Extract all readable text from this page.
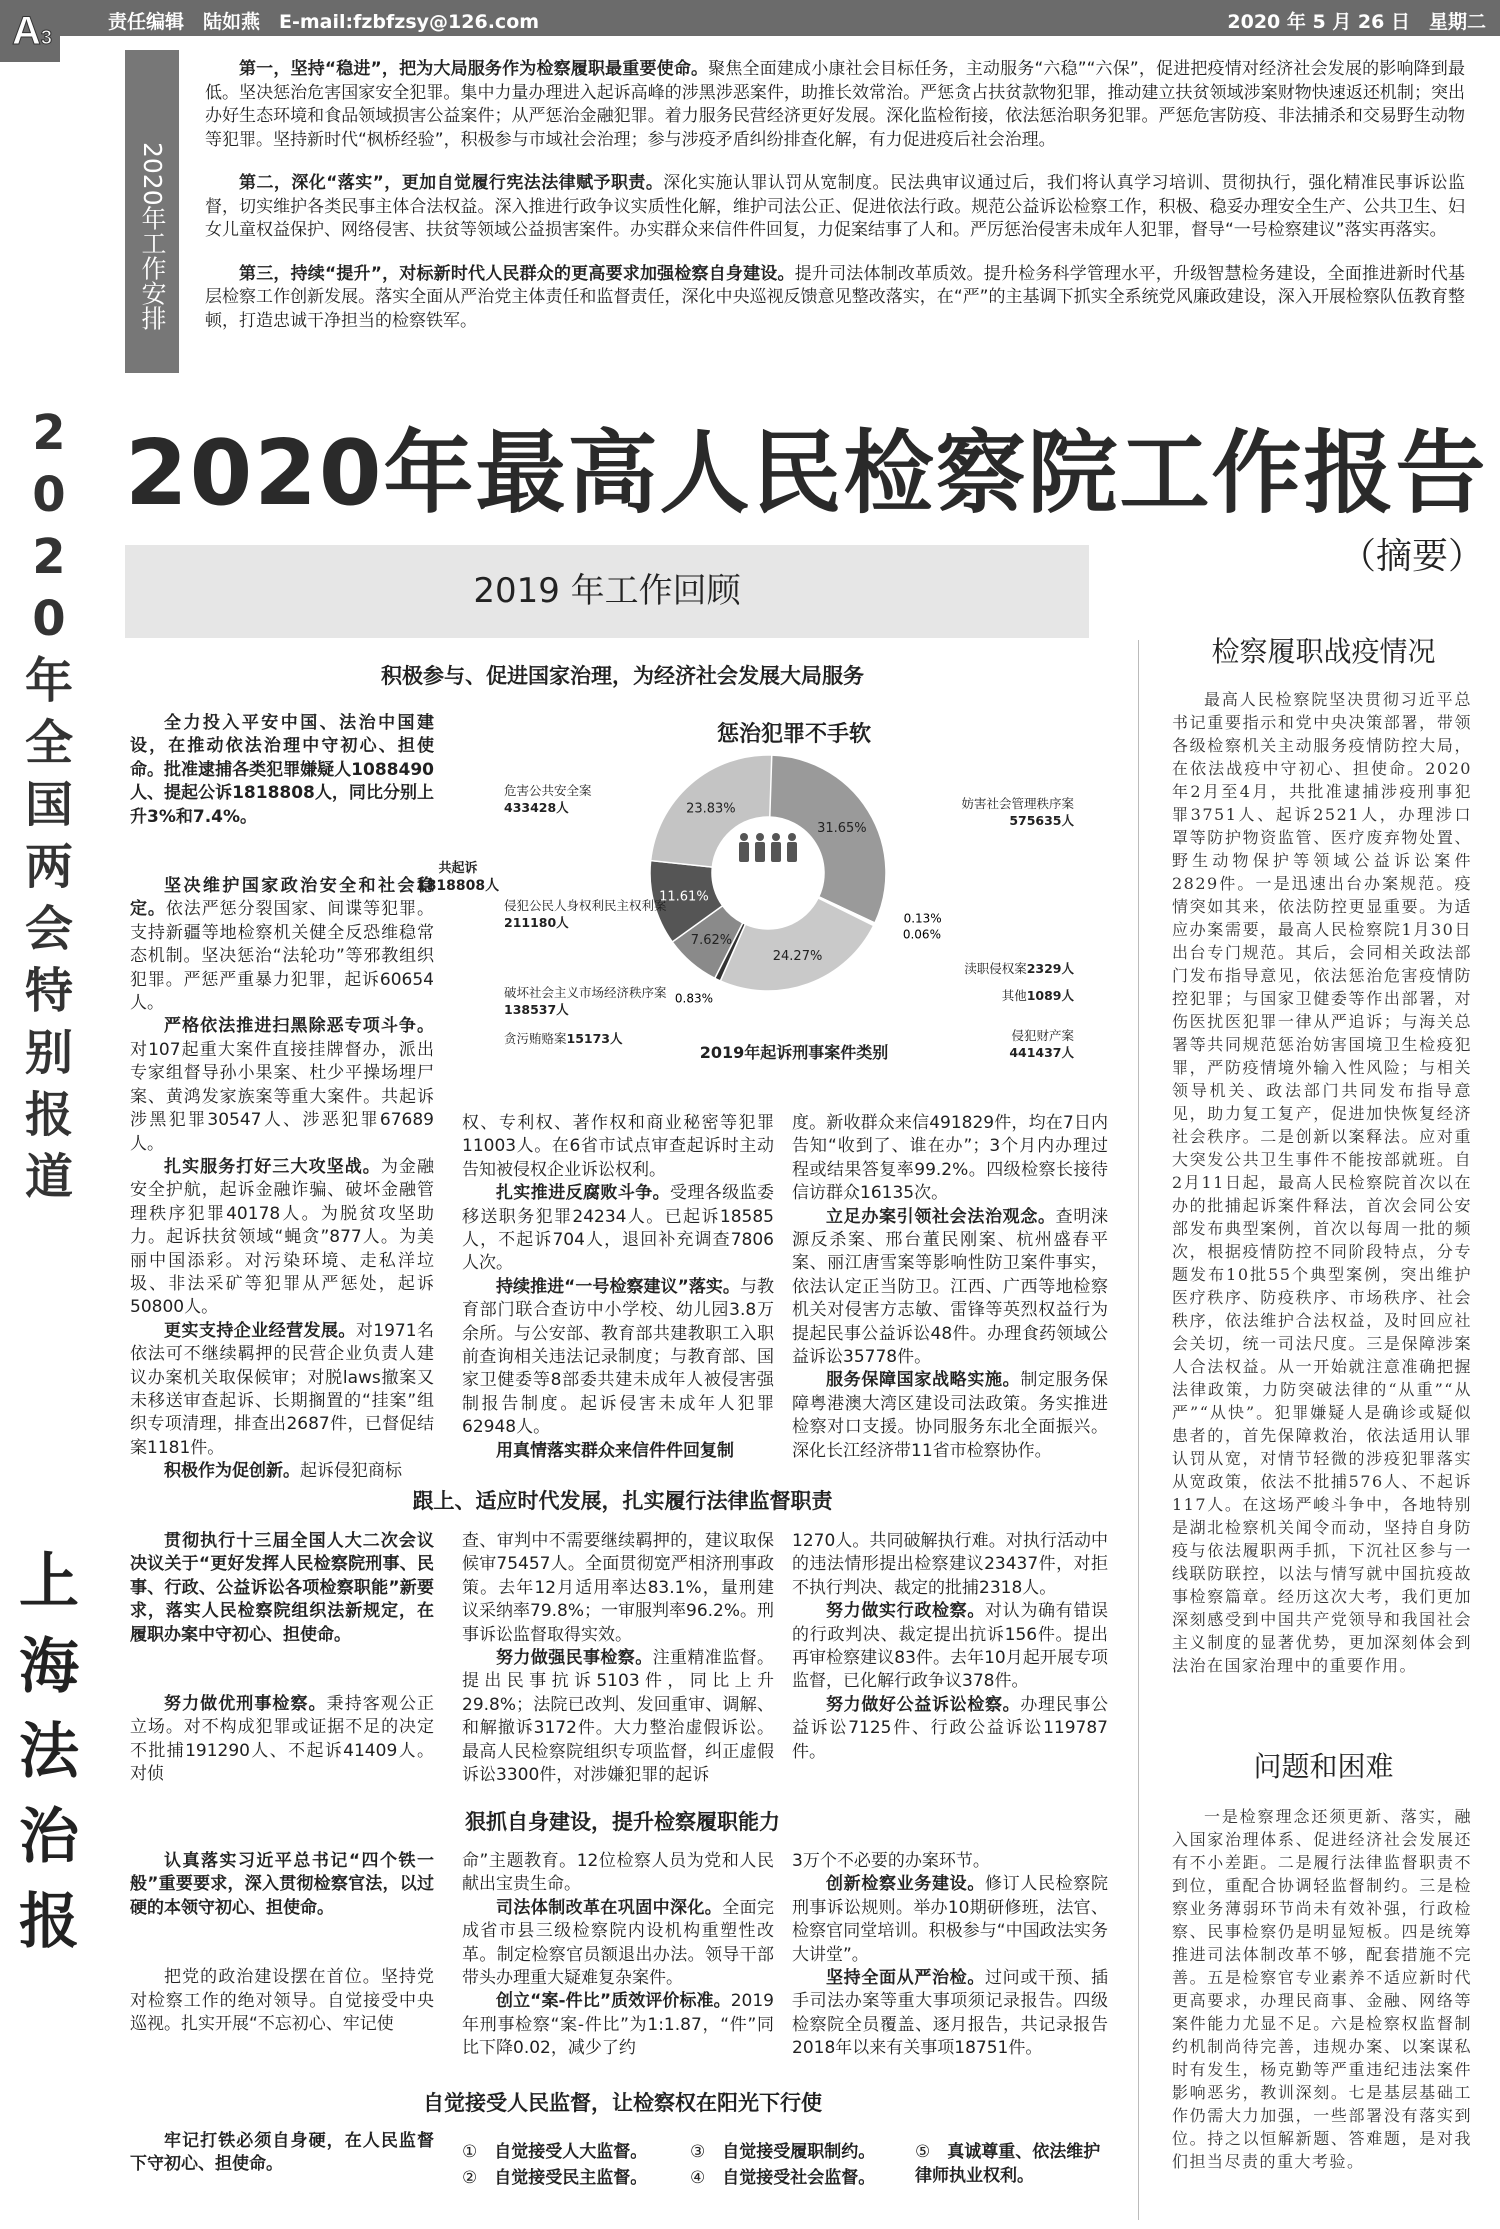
责任编辑　陆如燕　E-mail:fzbfzsy@126.com	2020 年 5 月 26 日　星期二
A3
2
0
2
0
年
全
国
两
会
特
别
报
道
上
海
法
治
报
2020年工作安排

第一，坚持“稳进”，把为大局服务作为检察履职最重要使命。聚焦全面建成小康社会目标任务，主动服务“六稳”“六保”，促进把疫情对经济社会发展的影响降到最低。坚决惩治危害国家安全犯罪。集中力量办理进入起诉高峰的涉黑涉恶案件，助推长效常治。严惩贪占扶贫款物犯罪，推动建立扶贫领域涉案财物快速返还机制；突出办好生态环境和食品领域损害公益案件；从严惩治金融犯罪。着力服务民营经济更好发展。深化监检衔接，依法惩治职务犯罪。严惩危害防疫、非法捕杀和交易野生动物等犯罪。坚持新时代“枫桥经验”，积极参与市域社会治理；参与涉疫矛盾纠纷排查化解，有力促进疫后社会治理。

第二，深化“落实”，更加自觉履行宪法法律赋予职责。深化实施认罪认罚从宽制度。民法典审议通过后，我们将认真学习培训、贯彻执行，强化精准民事诉讼监督，切实维护各类民事主体合法权益。深入推进行政争议实质性化解，维护司法公正、促进依法行政。规范公益诉讼检察工作，积极、稳妥办理安全生产、公共卫生、妇女儿童权益保护、网络侵害、扶贫等领域公益损害案件。办实群众来信件件回复，力促案结事了人和。严厉惩治侵害未成年人犯罪，督导“一号检察建议”落实再落实。

第三，持续“提升”，对标新时代人民群众的更高要求加强检察自身建设。提升司法体制改革质效。提升检务科学管理水平，升级智慧检务建设，全面推进新时代基层检察工作创新发展。落实全面从严治党主体责任和监督责任，深化中央巡视反馈意见整改落实，在“严”的主基调下抓实全系统党风廉政建设，深入开展检察队伍教育整顿，打造忠诚干净担当的检察铁军。

2020年最高人民检察院工作报告
（摘要）
2019 年工作回顾
积极参与、促进国家治理，为经济社会发展大局服务
跟上、适应时代发展，扎实履行法律监督职责
狠抓自身建设，提升检察履职能力
自觉接受人民监督，让检察权在阳光下行使

全力投入平安中国、法治中国建设，在推动依法治理中守初心、担使命。批准逮捕各类犯罪嫌疑人1088490人、提起公诉1818808人，同比分别上升3%和7.4%。

坚决维护国家政治安全和社会稳定。依法严惩分裂国家、间谍等犯罪。支持新疆等地检察机关健全反恐维稳常态机制。坚决惩治“法轮功”等邪教组织犯罪。严惩严重暴力犯罪，起诉60654人。

严格依法推进扫黑除恶专项斗争。对107起重大案件直接挂牌督办，派出专家组督导孙小果案、杜少平操场埋尸案、黄鸿发家族案等重大案件。共起诉涉黑犯罪30547人、涉恶犯罪67689人。

扎实服务打好三大攻坚战。为金融安全护航，起诉金融诈骗、破坏金融管理秩序犯罪40178人。为脱贫攻坚助力。起诉扶贫领域“蝇贪”877人。为美丽中国添彩。对污染环境、走私洋垃圾、非法采矿等犯罪从严惩处，起诉50800人。

更实支持企业经营发展。对1971名依法可不继续羁押的民营企业负责人建议办案机关取保候审；对脱laws撤案又未移送审查起诉、长期搁置的“挂案”组织专项清理，排查出2687件，已督促结案1181件。

积极作为促创新。起诉侵犯商标

权、专利权、著作权和商业秘密等犯罪11003人。在6省市试点审查起诉时主动告知被侵权企业诉讼权利。

扎实推进反腐败斗争。受理各级监委移送职务犯罪24234人。已起诉18585人，不起诉704人，退回补充调查7806人次。

持续推进“一号检察建议”落实。与教育部门联合查访中小学校、幼儿园3.8万余所。与公安部、教育部共建教职工入职前查询相关违法记录制度；与教育部、国家卫健委等8部委共建未成年人被侵害强制报告制度。起诉侵害未成年人犯罪62948人。

用真情落实群众来信件件回复制

度。新收群众来信491829件，均在7日内告知“收到了、谁在办”；3个月内办理过程或结果答复率99.2%。四级检察长接待信访群众16135次。

立足办案引领社会法治观念。查明涞源反杀案、邢台董民刚案、杭州盛春平案、丽江唐雪案等影响性防卫案件事实，依法认定正当防卫。江西、广西等地检察机关对侵害方志敏、雷锋等英烈权益行为提起民事公益诉讼48件。办理食药领域公益诉讼35778件。

服务保障国家战略实施。制定服务保障粤港澳大湾区建设司法政策。务实推进检察对口支援。协同服务东北全面振兴。深化长江经济带11省市检察协作。

贯彻执行十三届全国人大二次会议决议关于“更好发挥人民检察院刑事、民事、行政、公益诉讼各项检察职能”新要求，落实人民检察院组织法新规定，在履职办案中守初心、担使命。

努力做优刑事检察。秉持客观公正立场。对不构成犯罪或证据不足的决定不批捕191290人、不起诉41409人。对侦

查、审判中不需要继续羁押的，建议取保候审75457人。全面贯彻宽严相济刑事政策。去年12月适用率达83.1%，量刑建议采纳率79.8%；一审服判率96.2%。刑事诉讼监督取得实效。

努力做强民事检察。注重精准监督。提出民事抗诉5103件，同比上升29.8%；法院已改判、发回重审、调解、和解撤诉3172件。大力整治虚假诉讼。最高人民检察院组织专项监督，纠正虚假诉讼3300件，对涉嫌犯罪的起诉

1270人。共同破解执行难。对执行活动中的违法情形提出检察建议23437件，对拒不执行判决、裁定的批捕2318人。

努力做实行政检察。对认为确有错误的行政判决、裁定提出抗诉156件。提出再审检察建议83件。去年10月起开展专项监督，已化解行政争议378件。

努力做好公益诉讼检察。办理民事公益诉讼7125件、行政公益诉讼119787件。

认真落实习近平总书记“四个铁一般”重要要求，深入贯彻检察官法，以过硬的本领守初心、担使命。

把党的政治建设摆在首位。坚持党对检察工作的绝对领导。自觉接受中央巡视。扎实开展“不忘初心、牢记使

命”主题教育。12位检察人员为党和人民献出宝贵生命。

司法体制改革在巩固中深化。全面完成省市县三级检察院内设机构重塑性改革。制定检察官员额退出办法。领导干部带头办理重大疑难复杂案件。

创立“案-件比”质效评价标准。2019年刑事检察“案-件比”为1:1.87，“件”同比下降0.02，减少了约

3万个不必要的办案环节。

创新检察业务建设。修订人民检察院刑事诉讼规则。举办10期研修班，法官、检察官同堂培训。积极参与“中国政法实务大讲堂”。

坚持全面从严治检。过问或干预、插手司法办案等重大事项须记录报告。四级检察院全员覆盖、逐月报告，共记录报告2018年以来有关事项18751件。

牢记打铁必须自身硬，在人民监督下守初心、担使命。

①　 自觉接受人大监督。
②　 自觉接受民主监督。
③　 自觉接受履职制约。
④　 自觉接受社会监督。
⑤　 真诚尊重、依法维护律师执业权利。
检察履职战疫情况

最高人民检察院坚决贯彻习近平总书记重要指示和党中央决策部署，带领各级检察机关主动服务疫情防控大局，在依法战疫中守初心、担使命。2020年2月至4月，共批准逮捕涉疫刑事犯罪3751人、起诉2521人，办理涉口罩等防护物资监管、医疗废弃物处置、野生动物保护等领域公益诉讼案件2829件。一是迅速出台办案规范。疫情突如其来，依法防控更显重要。为适应办案需要，最高人民检察院1月30日出台专门规范。其后，会同相关政法部门发布指导意见，依法惩治危害疫情防控犯罪；与国家卫健委等作出部署，对伤医扰医犯罪一律从严追诉；与海关总署等共同规范惩治妨害国境卫生检疫犯罪，严防疫情境外输入性风险；与相关领导机关、政法部门共同发布指导意见，助力复工复产，促进加快恢复经济社会秩序。二是创新以案释法。应对重大突发公共卫生事件不能按部就班。自2月11日起，最高人民检察院首次以在办的批捕起诉案件释法，首次会同公安部发布典型案例，首次以每周一批的频次，根据疫情防控不同阶段特点，分专题发布10批55个典型案例，突出维护医疗秩序、防疫秩序、市场秩序、社会秩序，依法维护合法权益，及时回应社会关切，统一司法尺度。三是保障涉案人合法权益。从一开始就注意准确把握法律政策，力防突破法律的“从重”“从严”“从快”。犯罪嫌疑人是确诊或疑似患者的，首先保障救治，依法适用认罪认罚从宽，对情节轻微的涉疫犯罪落实从宽政策，依法不批捕576人、不起诉117人。在这场严峻斗争中，各地特别是湖北检察机关闻令而动，坚持自身防疫与依法履职两手抓，下沉社区参与一线联防联控，以法与情写就中国抗疫故事检察篇章。经历这次大考，我们更加深刻感受到中国共产党领导和我国社会主义制度的显著优势，更加深刻体会到法治在国家治理中的重要作用。

问题和困难

一是检察理念还须更新、落实，融入国家治理体系、促进经济社会发展还有不小差距。二是履行法律监督职责不到位，重配合协调轻监督制约。三是检察业务薄弱环节尚未有效补强，行政检察、民事检察仍是明显短板。四是统筹推进司法体制改革不够，配套措施不完善。五是检察官专业素养不适应新时代更高要求，办理民商事、金融、网络等案件能力尤显不足。六是检察权监督制约机制尚待完善，违规办案、以案谋私时有发生，杨克勤等严重违纪违法案件影响恶劣，教训深刻。七是基层基础工作仍需大力加强，一些部署没有落实到位。持之以恒解新题、答难题，是对我们担当尽责的重大考验。

惩治犯罪不手软
31.65%
0.13%
0.06%
24.27%
0.83%
7.62%
11.61%
23.83%
共起诉
1818808人
2019年起诉刑事案件类别
妨害社会管理秩序案
575635人
渎职侵权案2329人
其他1089人
侵犯财产案
441437人
贪污贿赂案15173人
破坏社会主义市场经济秩序案
138537人
侵犯公民人身权利民主权利案
211180人
危害公共安全案
433428人
